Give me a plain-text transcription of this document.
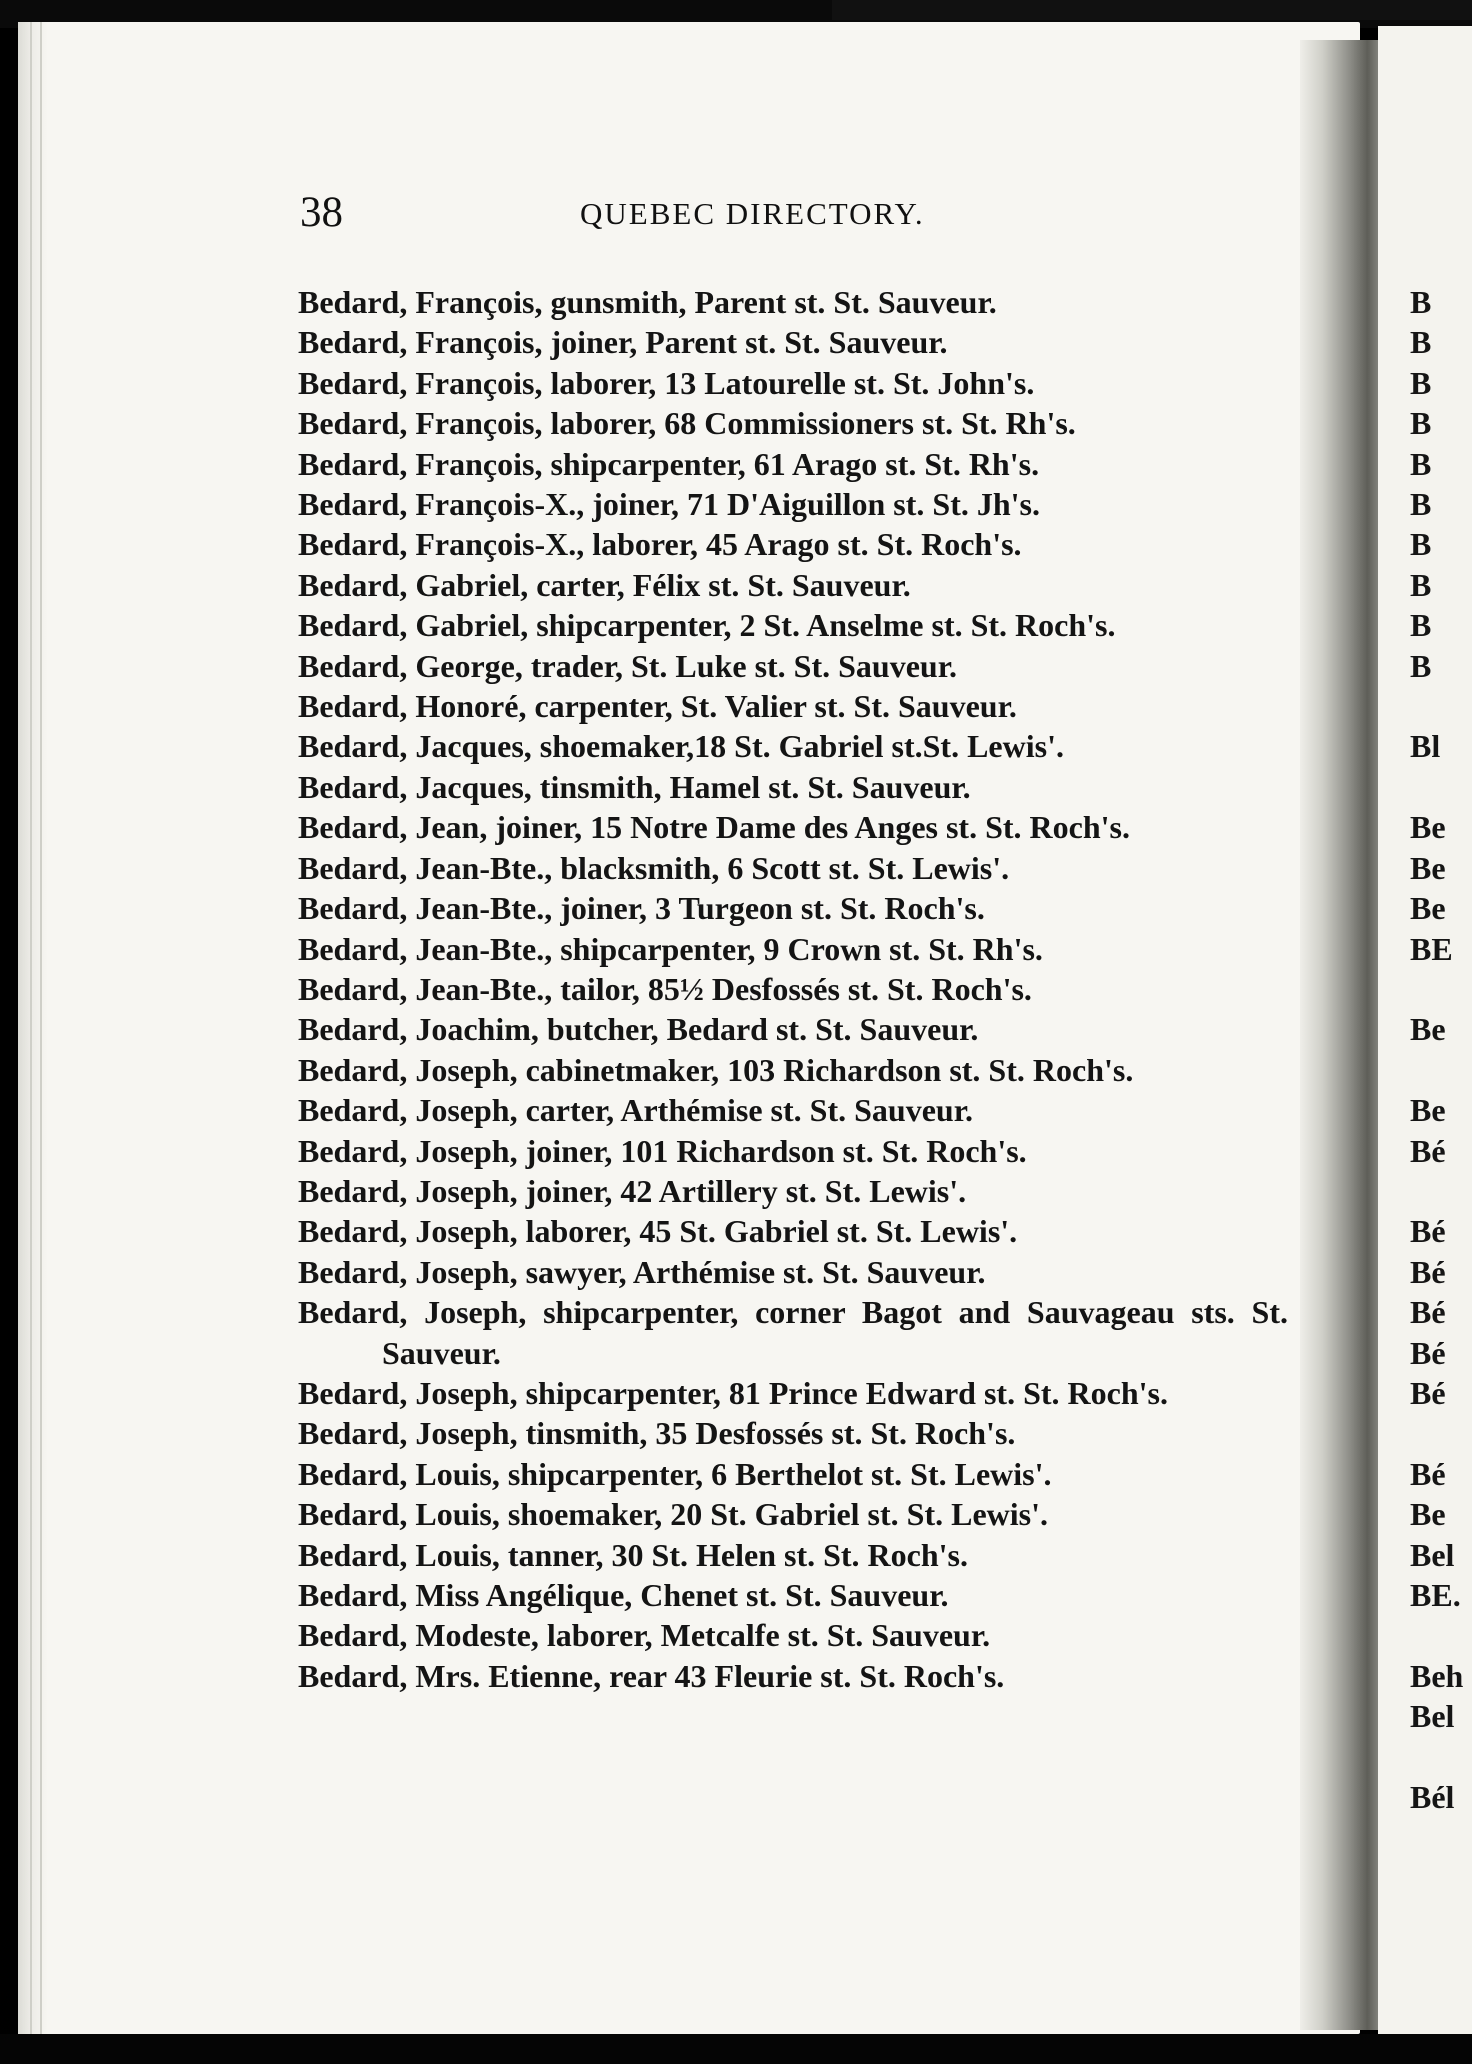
38	QUEBEC DIRECTORY.
Bedard, François, gunsmith, Parent st. St. Sauveur.
Bedard, François, joiner, Parent st. St. Sauveur.
Bedard, François, laborer, 13 Latourelle st. St. John's.
Bedard, François, laborer, 68 Commissioners st. St. Rh's.
Bedard, François, shipcarpenter, 61 Arago st. St. Rh's.
Bedard, François-X., joiner, 71 D'Aiguillon st. St. Jh's.
Bedard, François-X., laborer, 45 Arago st. St. Roch's.
Bedard, Gabriel, carter, Félix st. St. Sauveur.
Bedard, Gabriel, shipcarpenter, 2 St. Anselme st. St. Roch's.
Bedard, George, trader, St. Luke st. St. Sauveur.
Bedard, Honoré, carpenter, St. Valier st. St. Sauveur.
Bedard, Jacques, shoemaker,18 St. Gabriel st.St. Lewis'.
Bedard, Jacques, tinsmith, Hamel st. St. Sauveur.
Bedard, Jean, joiner, 15 Notre Dame des Anges st. St. Roch's.
Bedard, Jean-Bte., blacksmith, 6 Scott st. St. Lewis'.
Bedard, Jean-Bte., joiner, 3 Turgeon st. St. Roch's.
Bedard, Jean-Bte., shipcarpenter, 9 Crown st. St. Rh's.
Bedard, Jean-Bte., tailor, 85½ Desfossés st. St. Roch's.
Bedard, Joachim, butcher, Bedard st. St. Sauveur.
Bedard, Joseph, cabinetmaker, 103 Richardson st. St. Roch's.
Bedard, Joseph, carter, Arthémise st. St. Sauveur.
Bedard, Joseph, joiner, 101 Richardson st. St. Roch's.
Bedard, Joseph, joiner, 42 Artillery st. St. Lewis'.
Bedard, Joseph, laborer, 45 St. Gabriel st. St. Lewis'.
Bedard, Joseph, sawyer, Arthémise st. St. Sauveur.
Bedard, Joseph, shipcarpenter, corner Bagot and Sauvageau sts. St. Sauveur.
Bedard, Joseph, shipcarpenter, 81 Prince Edward st. St. Roch's.
Bedard, Joseph, tinsmith, 35 Desfossés st. St. Roch's.
Bedard, Louis, shipcarpenter, 6 Berthelot st. St. Lewis'.
Bedard, Louis, shoemaker, 20 St. Gabriel st. St. Lewis'.
Bedard, Louis, tanner, 30 St. Helen st. St. Roch's.
Bedard, Miss Angélique, Chenet st. St. Sauveur.
Bedard, Modeste, laborer, Metcalfe st. St. Sauveur.
Bedard, Mrs. Etienne, rear 43 Fleurie st. St. Roch's.
B
B
B
B
B
B
B
B
B
B

Bl

Be
Be
Be
BE

Be

Be
Bé

Bé
Bé
Bé
Bé
Bé

Bé
Be
Bel
BE.

Beh
Bel

Bél
